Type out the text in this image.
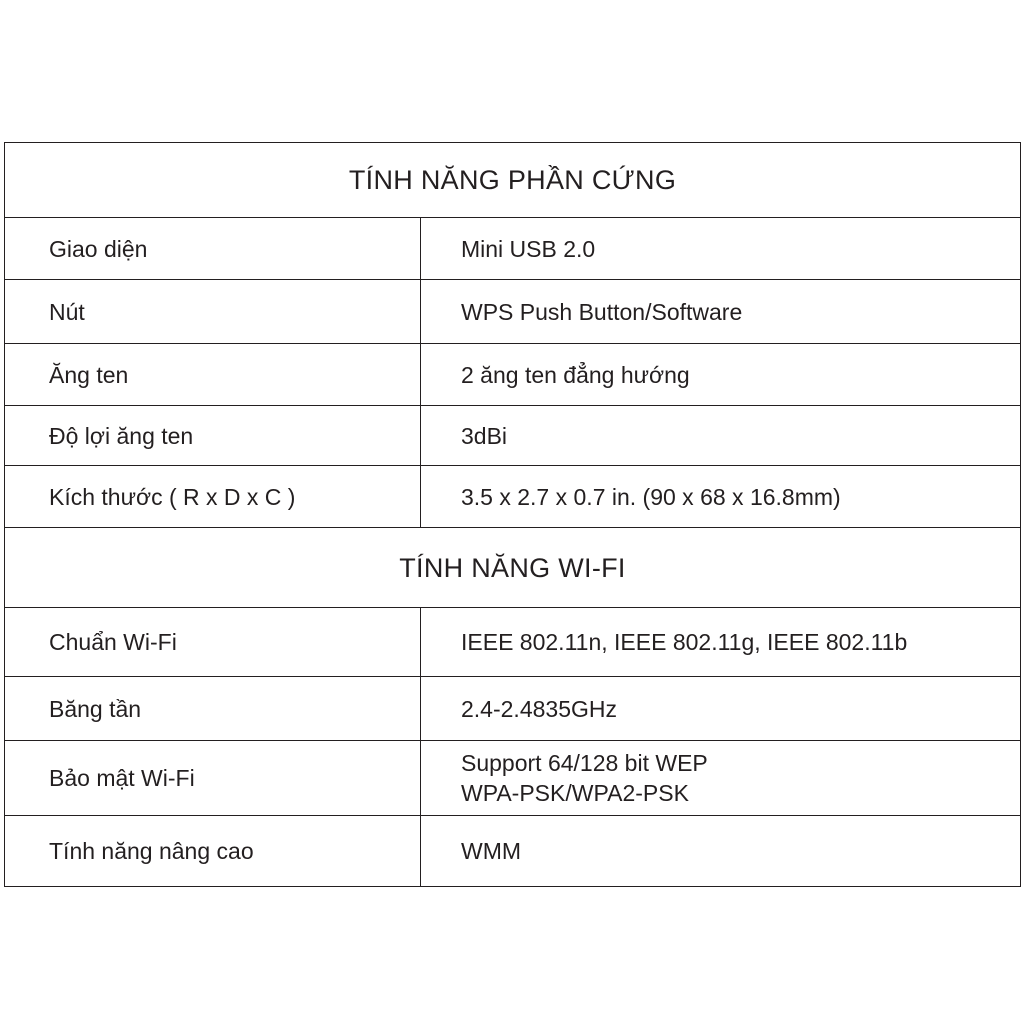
TÍNH NĂNG PHẦN CỨNG	
Giao diện	Mini USB 2.0
Nút	WPS Push Button/Software
Ăng ten	2 ăng ten đẳng hướng
Độ lợi ăng ten	3dBi
Kích thước ( R x D x C )	3.5 x 2.7 x 0.7 in. (90 x 68 x 16.8mm)
TÍNH NĂNG WI-FI	
Chuẩn Wi-Fi	IEEE 802.11n, IEEE 802.11g, IEEE 802.11b
Băng tần	2.4-2.4835GHz
Bảo mật Wi-Fi	Support 64/128 bit WEP
WPA-PSK/WPA2-PSK

Tính năng nâng cao	WMM
